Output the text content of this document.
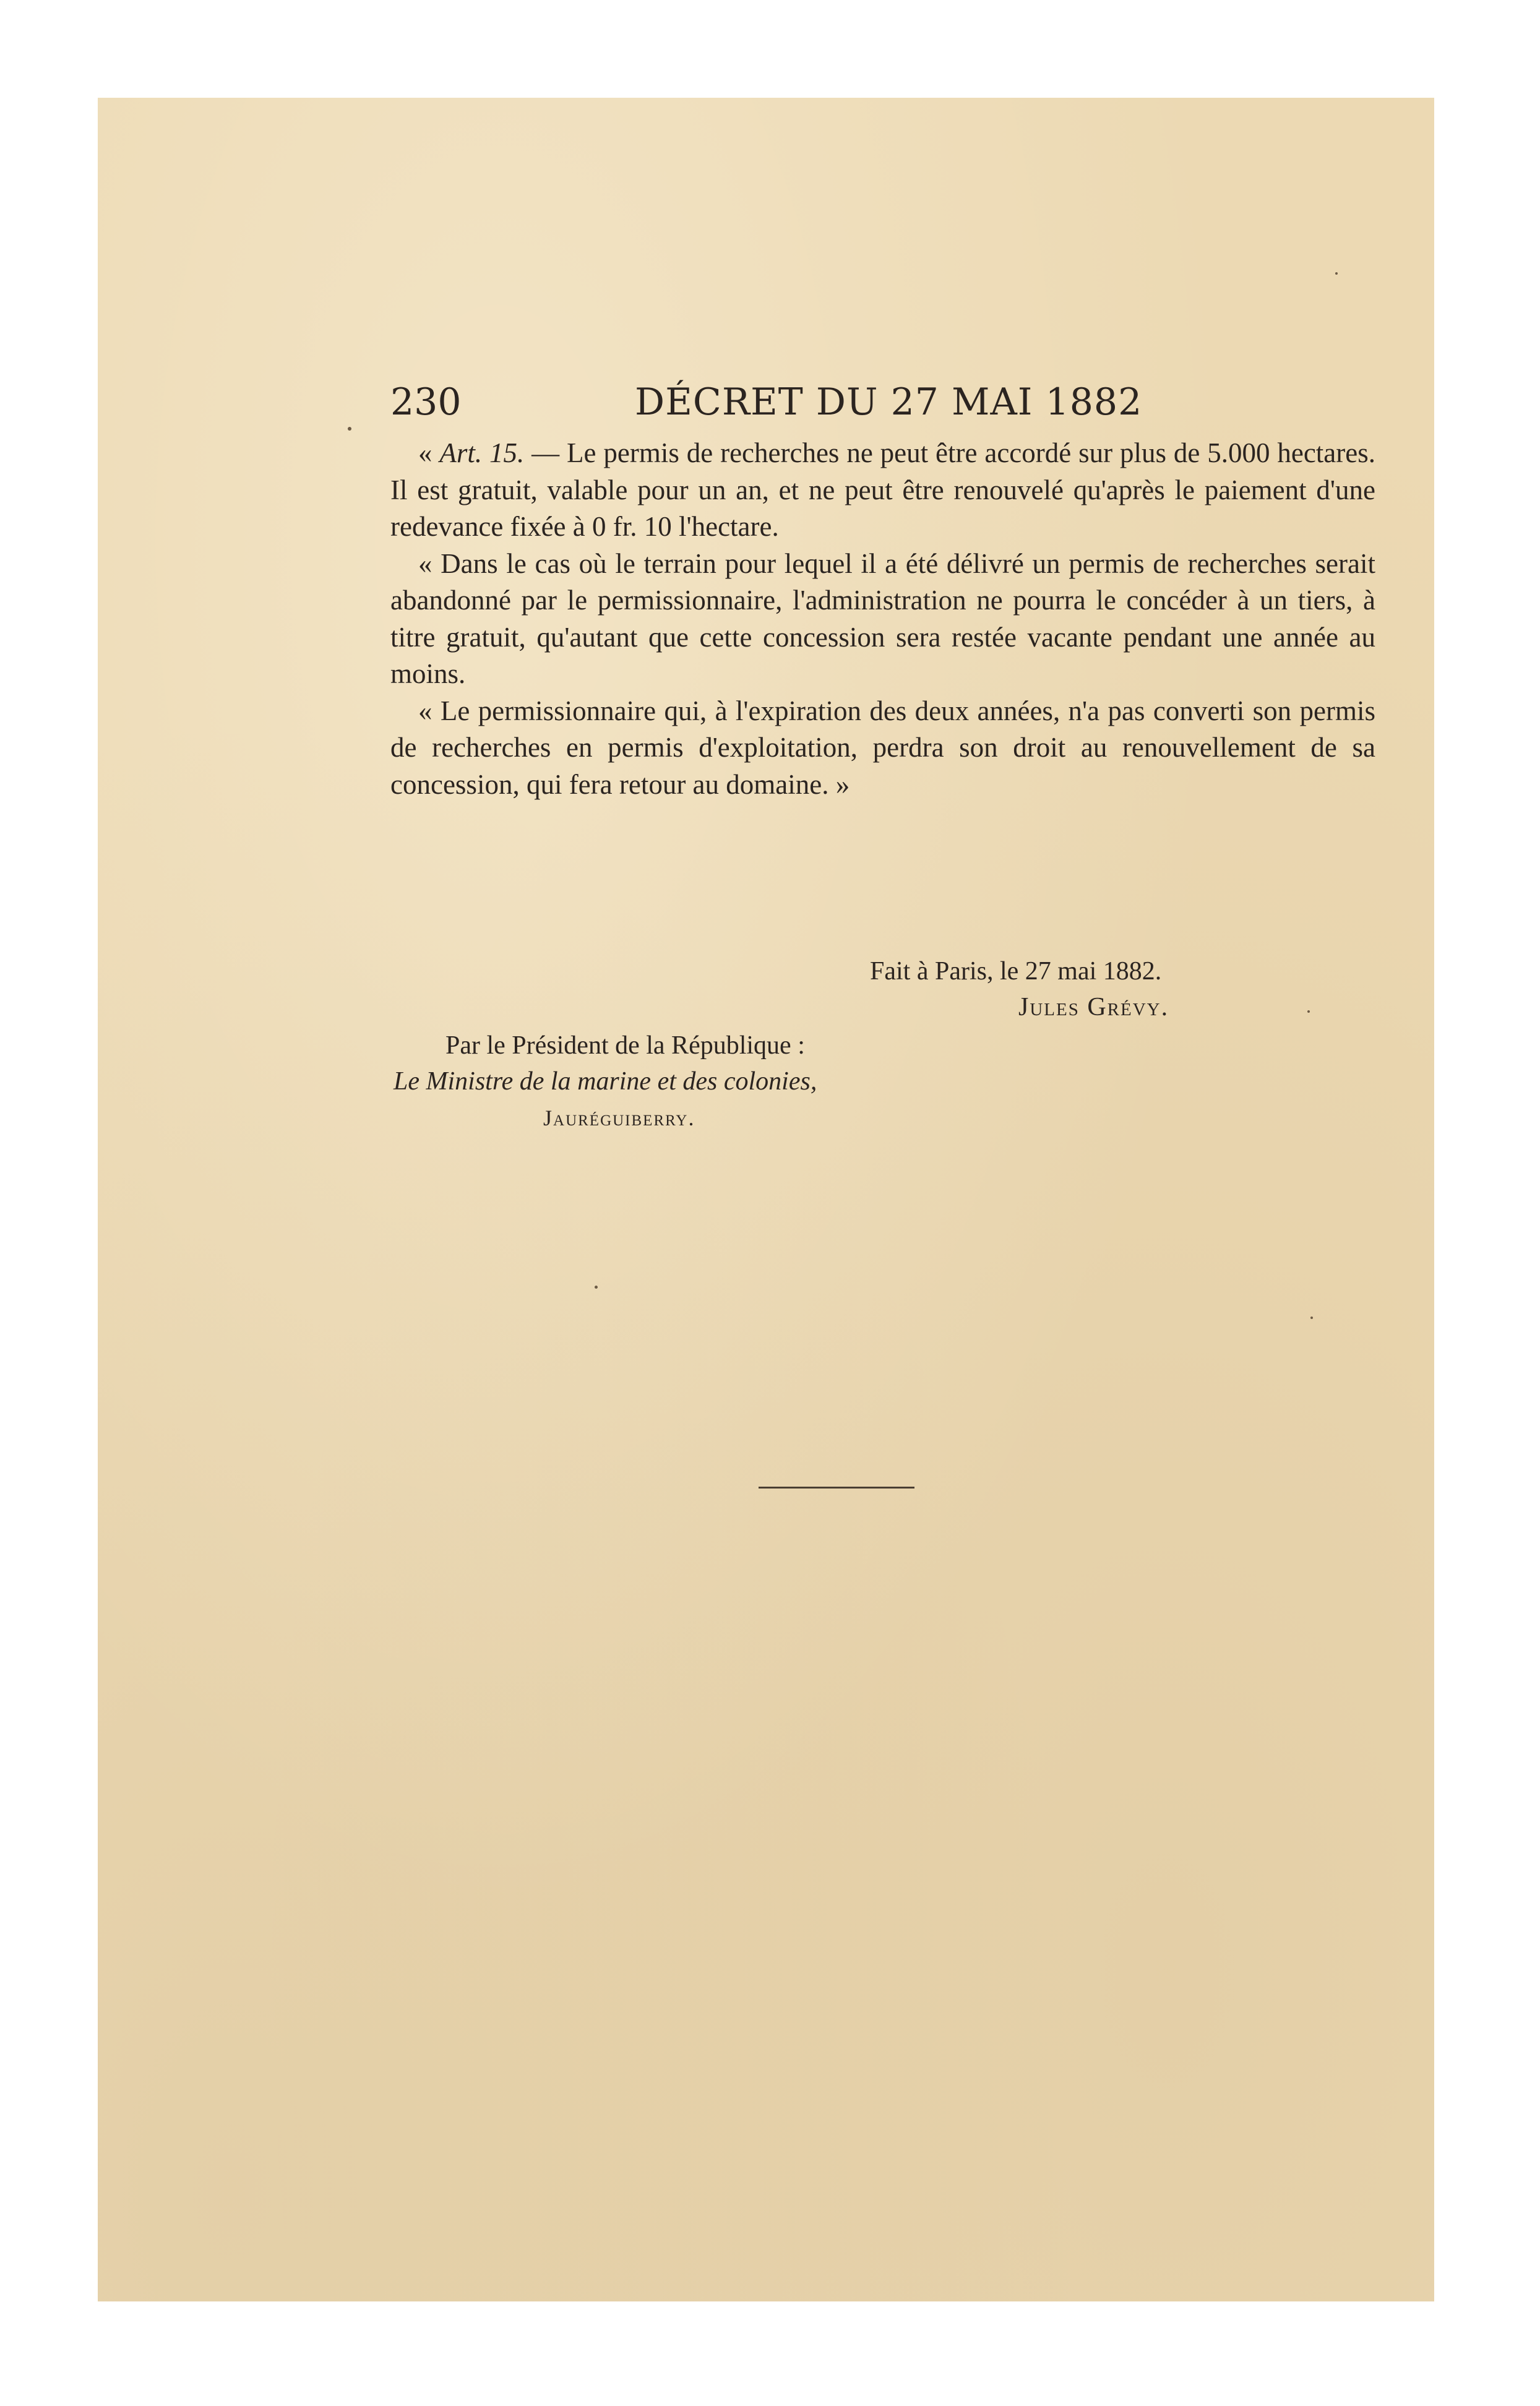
230	DÉCRET DU 27 MAI 1882

« Art. 15. — Le permis de recherches ne peut être accordé sur plus de 5.000 hectares. Il est gratuit, valable pour un an, et ne peut être renouvelé qu'après le paiement d'une redevance fixée à 0 fr. 10 l'hectare.

« Dans le cas où le terrain pour lequel il a été délivré un permis de recherches serait abandonné par le permissionnaire, l'administration ne pourra le concéder à un tiers, à titre gratuit, qu'autant que cette concession sera restée vacante pendant une année au moins.

« Le permissionnaire qui, à l'expiration des deux années, n'a pas converti son permis de recherches en permis d'exploitation, perdra son droit au renouvellement de sa concession, qui fera retour au domaine. »

Fait à Paris, le 27 mai 1882.
Jules Grévy.
Par le Président de la République :
Le Ministre de la marine et des colonies,
Jauréguiberry.
